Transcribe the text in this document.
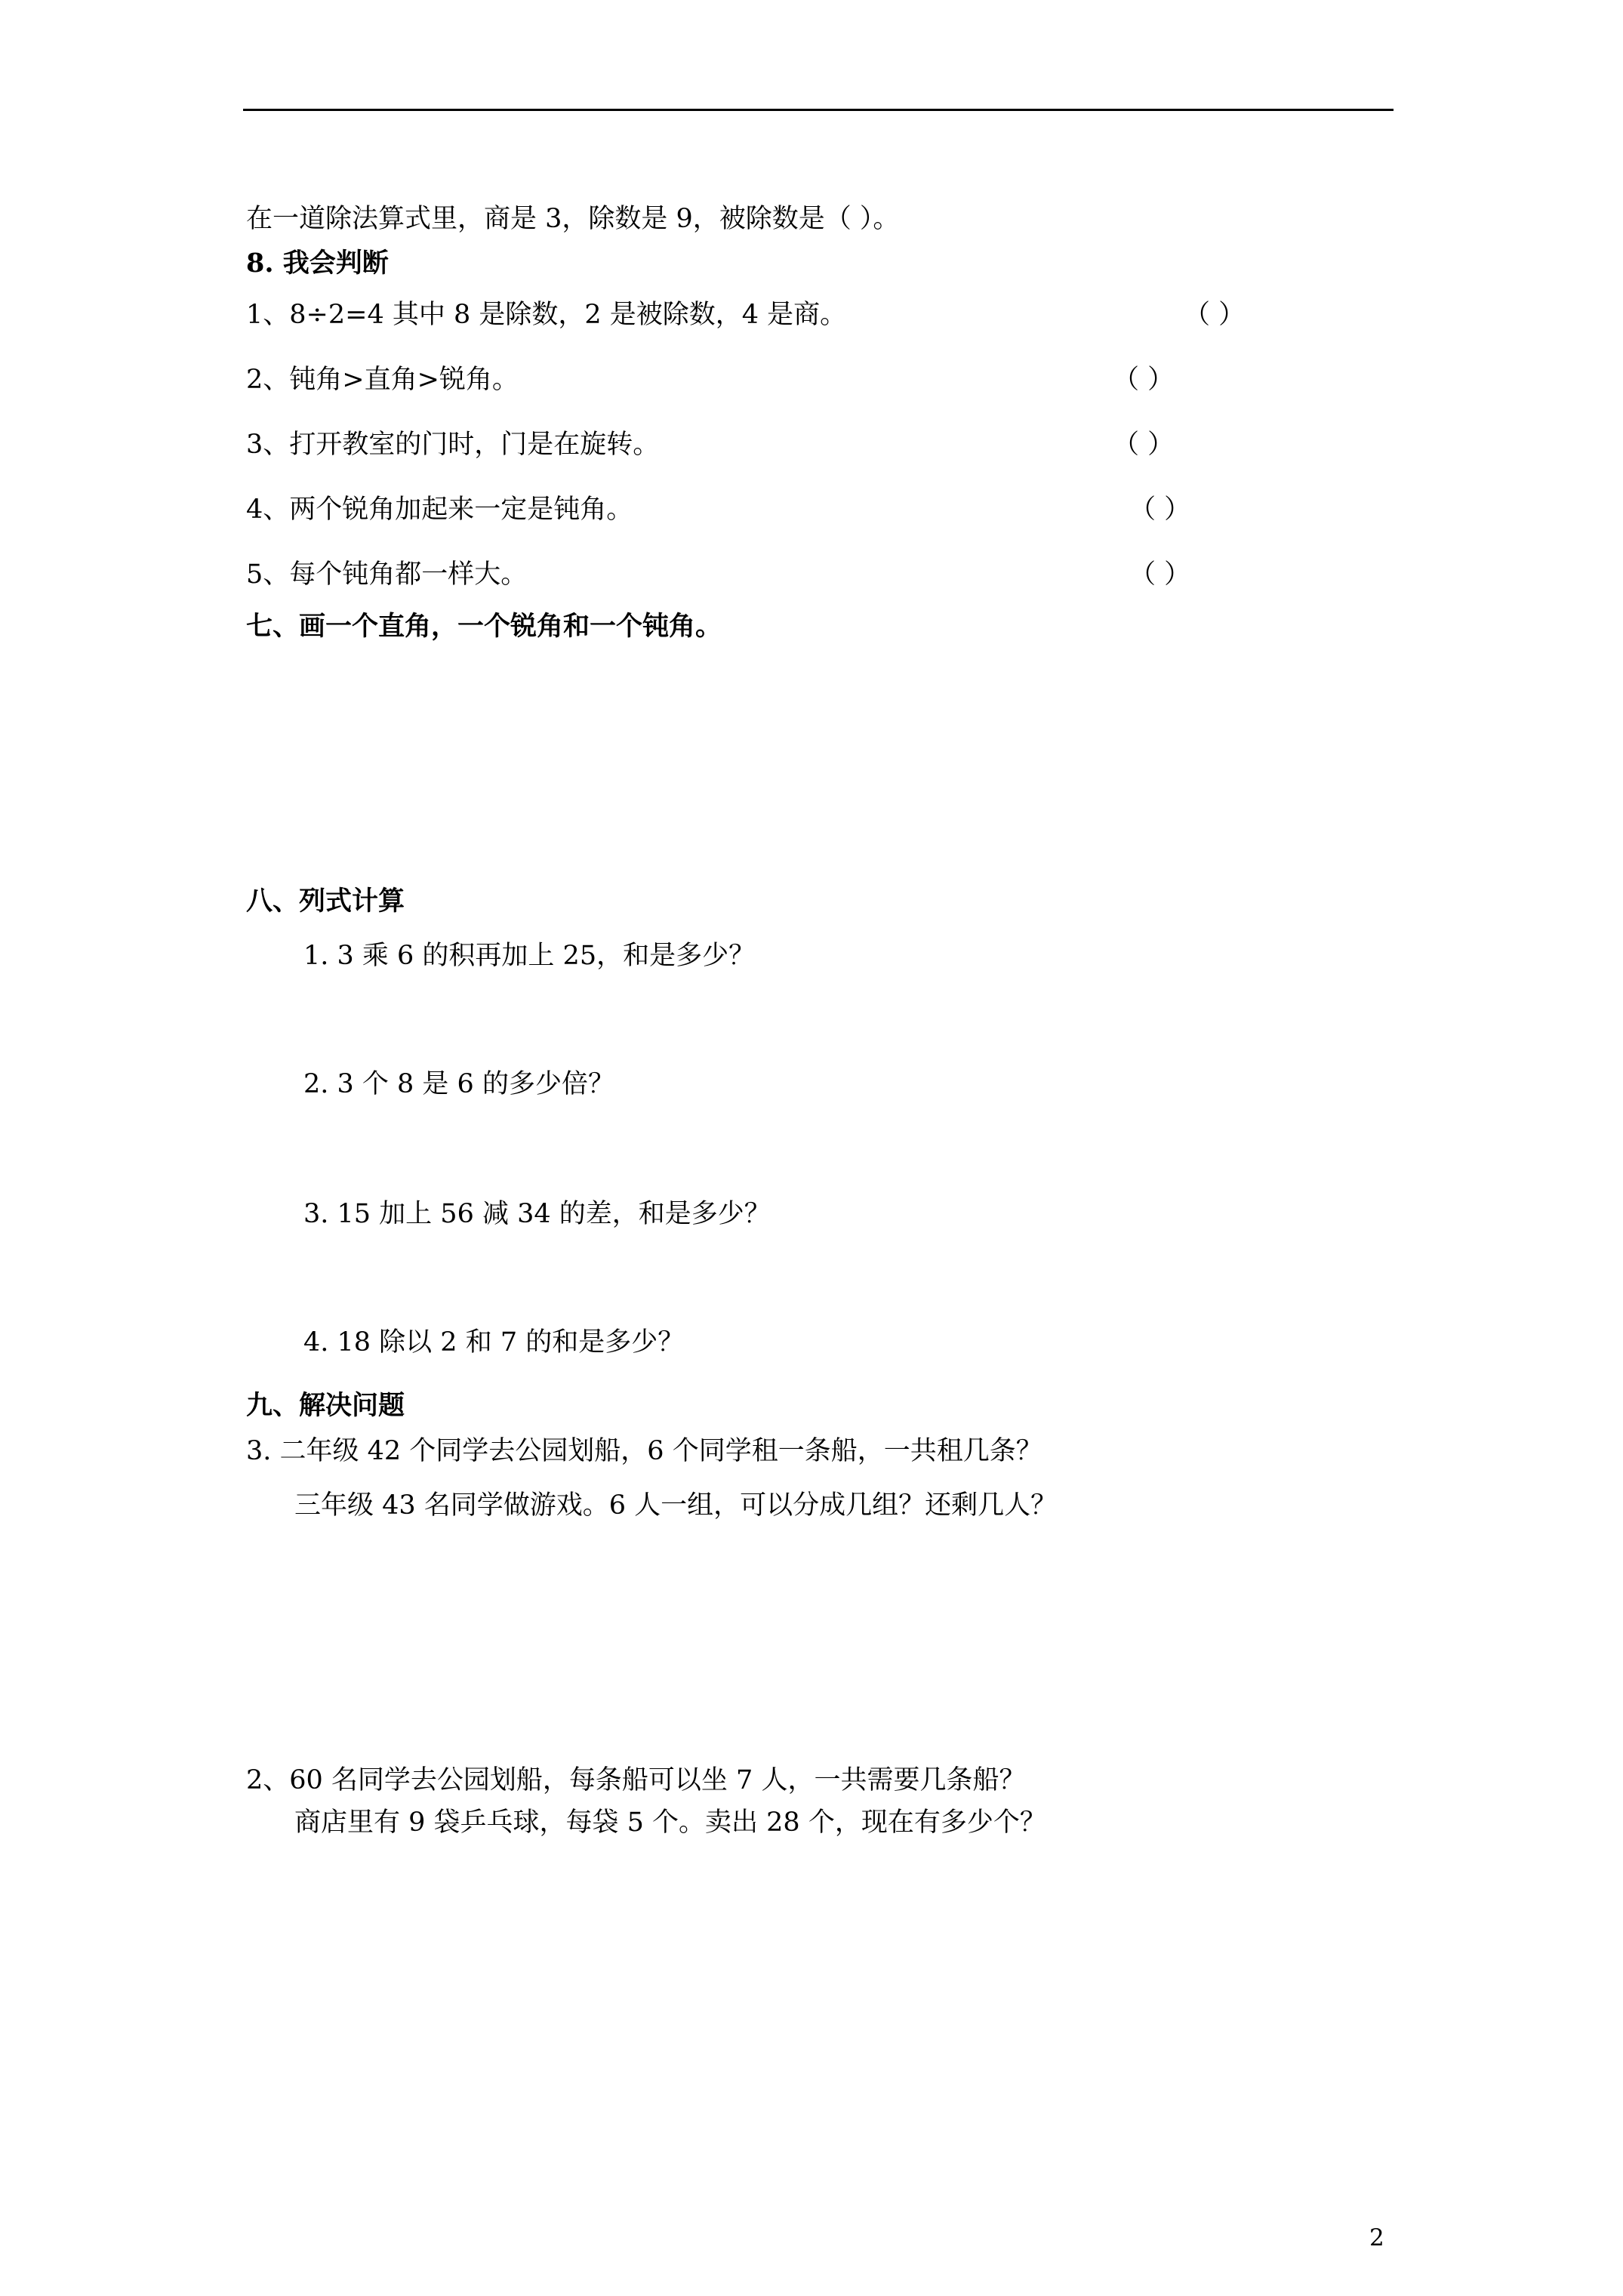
在一道除法算式里，商是 3，除数是 9，被除数是（ ）。
8. 我会判断
1、8÷2=4 其中 8 是除数，2 是被除数，4 是商。	（ ）
2、钝角>直角>锐角。	（ ）
3、打开教室的门时，门是在旋转。	（ ）
4、两个锐角加起来一定是钝角。	（ ）
5、每个钝角都一样大。	（ ）
七、画一个直角，一个锐角和一个钝角。
八、列式计算
1. 3 乘 6 的积再加上 25，和是多少？
2. 3 个 8 是 6 的多少倍？
3. 15 加上 56 减 34 的差，和是多少？
4. 18 除以 2 和 7 的和是多少？
九、解决问题
3. 二年级 42 个同学去公园划船，6 个同学租一条船，一共租几条？
三年级 43 名同学做游戏。6 人一组，可以分成几组？还剩几人？
2、60 名同学去公园划船，每条船可以坐 7 人，一共需要几条船？
商店里有 9 袋乒乓球，每袋 5 个。卖出 28 个，现在有多少个？
2
